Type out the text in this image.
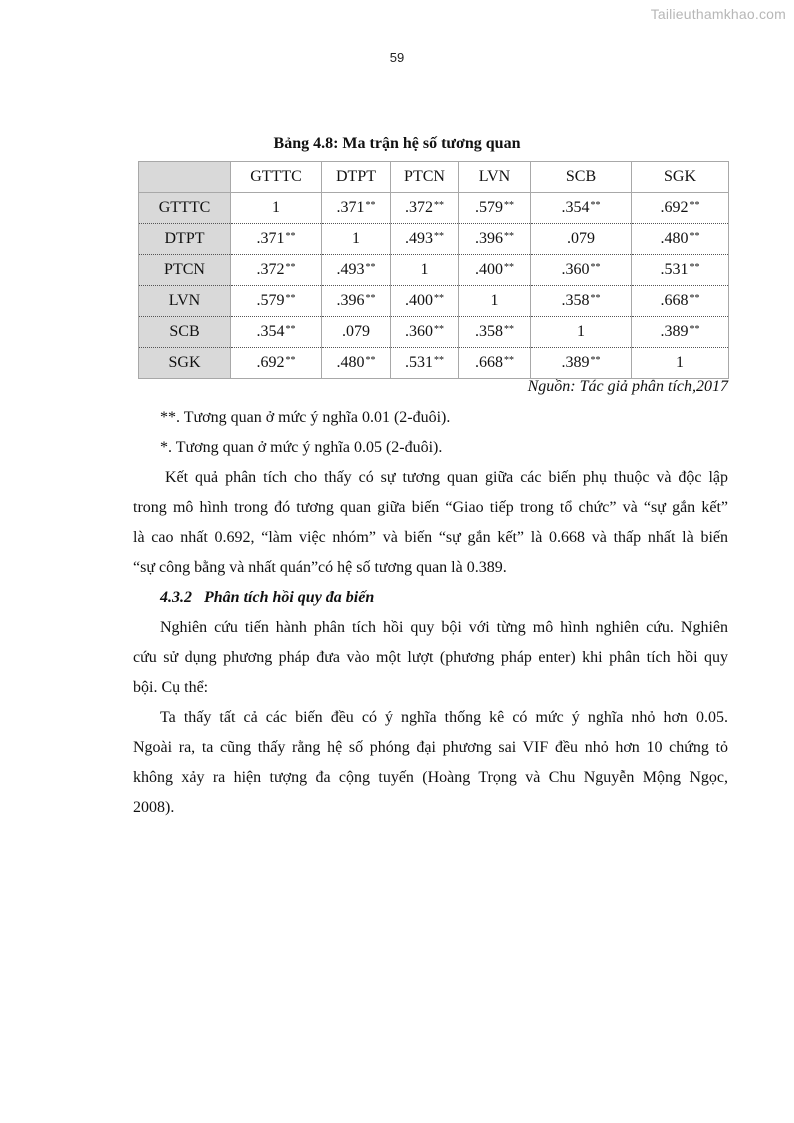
Tailieuthamkhao.com
59
Bảng 4.8: Ma trận hệ số tương quan
	GTTTC	DTPT	PTCN	LVN	SCB	SGK
GTTTC	1	.371**	.372**	.579**	.354**	.692**
DTPT	.371**	1	.493**	.396**	.079	.480**
PTCN	.372**	.493**	1	.400**	.360**	.531**
LVN	.579**	.396**	.400**	1	.358**	.668**
SCB	.354**	.079	.360**	.358**	1	.389**
SGK	.692**	.480**	.531**	.668**	.389**	1
Nguồn: Tác giả phân tích,2017

**. Tương quan ở mức ý nghĩa 0.01 (2-đuôi).

*. Tương quan ở mức ý nghĩa 0.05 (2-đuôi).

Kết quả phân tích cho thấy có sự tương quan giữa các biến phụ thuộc và độc lập

trong mô hình trong đó tương quan giữa biến “Giao tiếp trong tổ chức” và “sự gắn kết”

là cao nhất 0.692, “làm việc nhóm” và biến “sự gắn kết” là 0.668 và thấp nhất là biến

“sự công bằng và nhất quán”có hệ số tương quan là 0.389.

4.3.2   Phân tích hồi quy đa biến

Nghiên cứu tiến hành phân tích hồi quy bội với từng mô hình nghiên cứu. Nghiên

cứu sử dụng phương pháp đưa vào một lượt (phương pháp enter) khi phân tích hồi quy

bội. Cụ thể:

Ta thấy tất cả các biến đều có ý nghĩa thống kê có mức ý nghĩa nhỏ hơn 0.05.

Ngoài ra, ta cũng thấy rằng hệ số phóng đại phương sai VIF đều nhỏ hơn 10 chứng tỏ

không xảy ra hiện tượng đa cộng tuyến (Hoàng Trọng và Chu Nguyễn Mộng Ngọc,

2008).
